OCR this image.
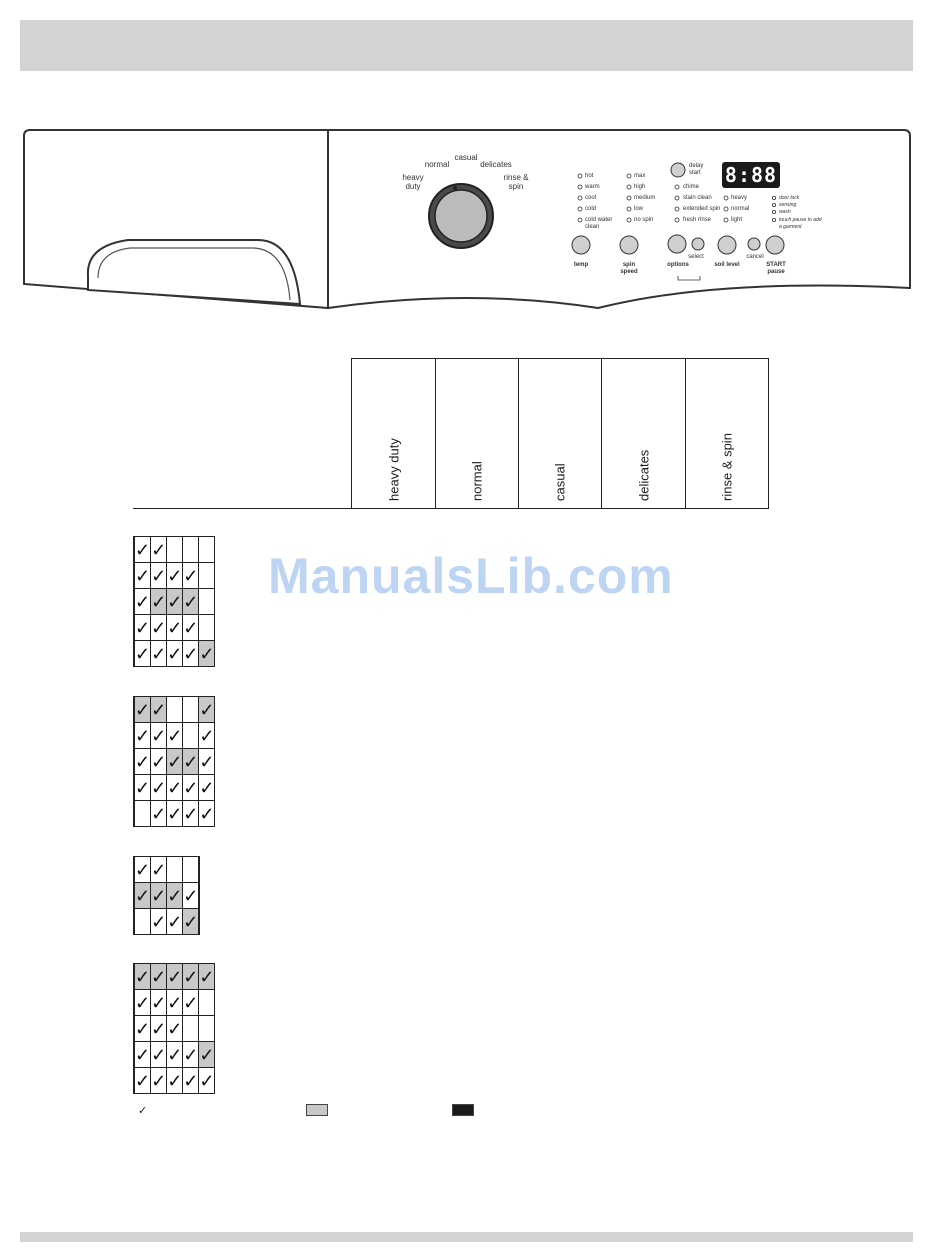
heavy duty
normal
casual
delicates
rinse & spin
hot
warm
cool
cold
cold water clean
max
high
medium
low
no spin
delay start
chime
stain clean
extended spin
fresh rinse
heavy
normal
light
door lock
sensing
wash
touch pause to add a garment
8:88
temp	spin speed
options
select
soil level
cancel
START pause
heavy duty	normal	casual	delicates	rinse & spin
	✓	✓			
	✓	✓	✓	✓	
	✓	✓	✓	✓	
	✓	✓	✓	✓	
	✓	✓	✓	✓	✓
	✓	✓			✓
	✓	✓	✓		✓
	✓	✓	✓	✓	✓
	✓	✓	✓	✓	✓
		✓	✓	✓	✓
	✓	✓			
	✓	✓	✓	✓	
		✓	✓	✓	
	✓	✓	✓	✓	✓
	✓	✓	✓	✓	
	✓	✓	✓		
	✓	✓	✓	✓	✓
	✓	✓	✓	✓	✓
✓
ManualsLib.com
